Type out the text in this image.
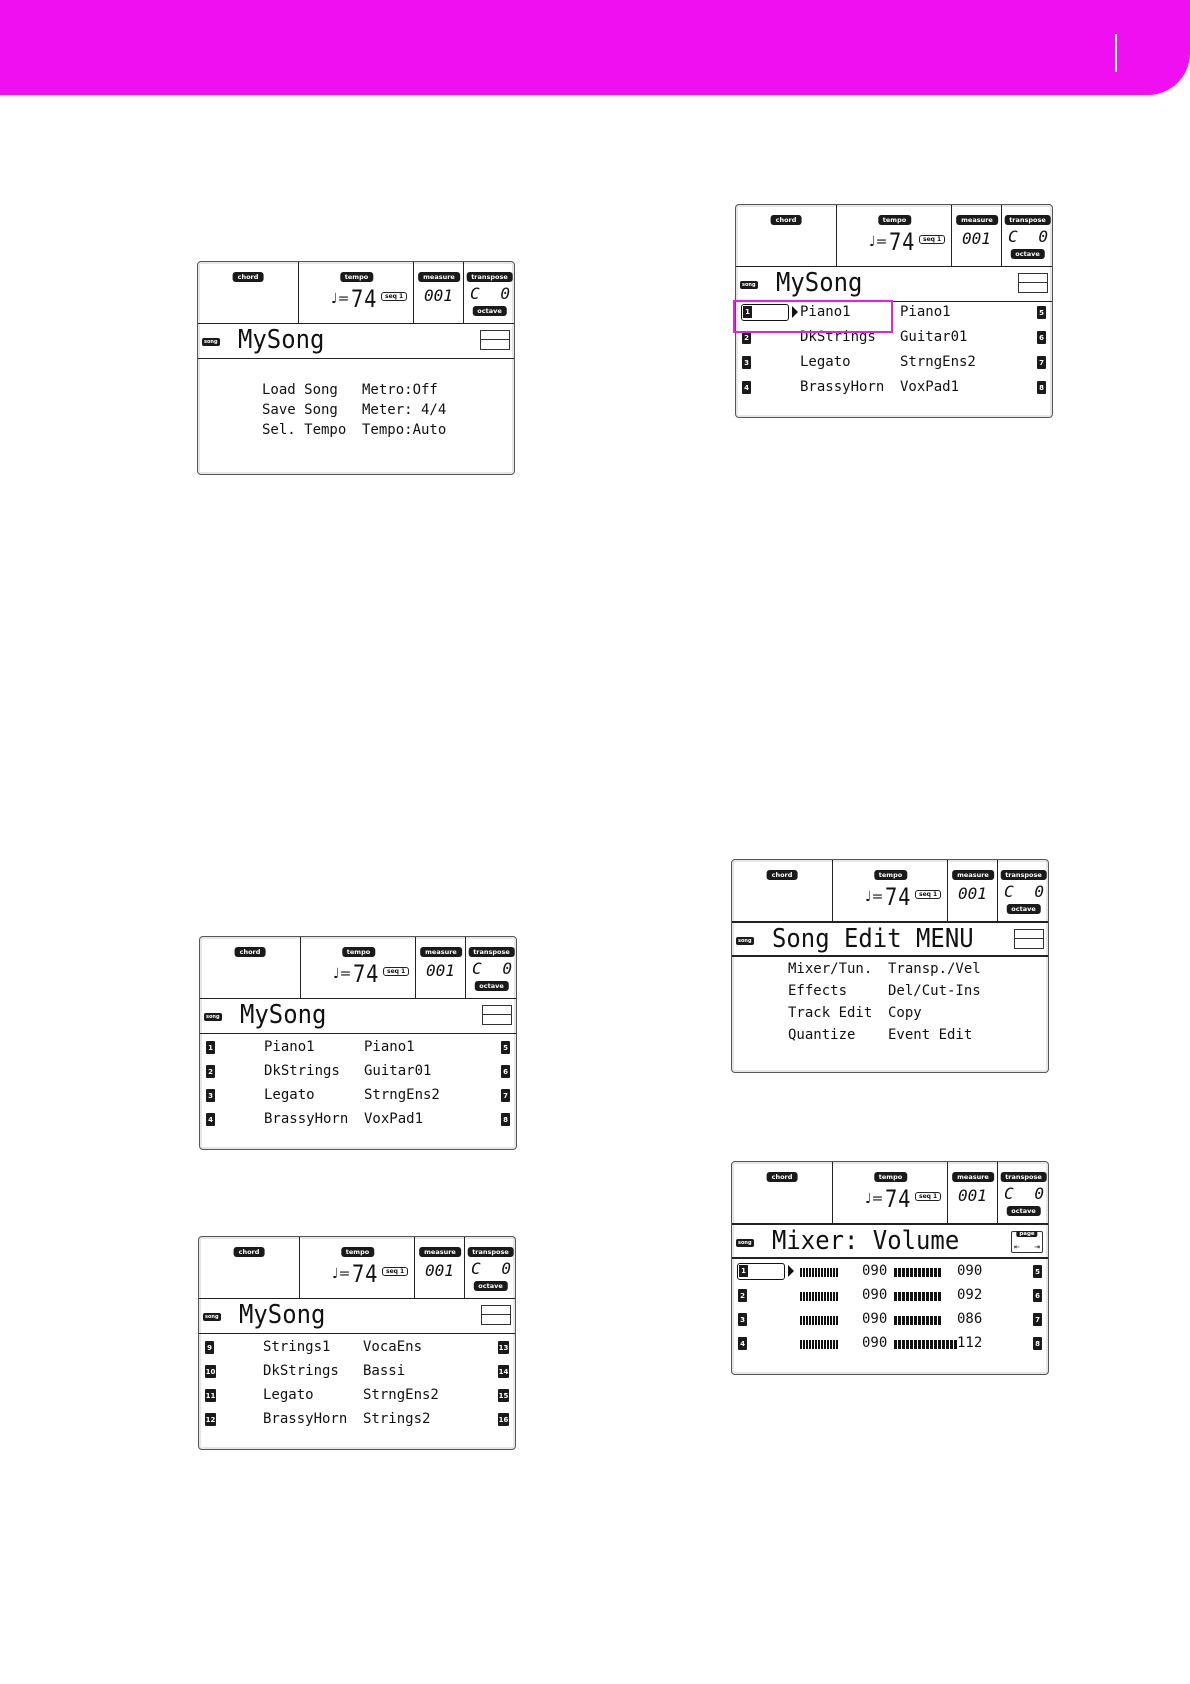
chord	tempo
♩= 74	seq 1
measure
001
transpose
C 0
octave
song MySong
Load Song	Metro:Off
Save Song	Meter: 4/4
Sel. Tempo	Tempo:Auto
chord	tempo
♩= 74	seq 1
measure
001
transpose
C 0
octave
song MySong
1	Piano1	Piano1	5
2	DkStrings Guitar01	6
3	Legato	StrngEns2	7
4	BrassyHorn VoxPad1	8
chord	tempo
♩= 74	seq 1
measure
001
transpose
C 0
octave
song MySong
1	Piano1	Piano1	5
2	DkStrings Guitar01	6
3	Legato	StrngEns2	7
4	BrassyHorn VoxPad1	8
chord	tempo
♩= 74	seq 1
measure
001
transpose
C 0
octave
song MySong
9	Strings1 VocaEns	13
10	DkStrings Bassi	14
11	Legato	StrngEns2	15
12	BrassyHorn Strings2	16
chord	tempo
♩= 74	seq 1
measure
001
transpose
C 0
octave
song Song Edit MENU
Mixer/Tun.	Transp./Vel
Effects	Del/Cut-Ins
Track Edit	Copy
Quantize	Event Edit
chord	tempo
♩= 74	seq 1
measure
001
transpose
C 0
octave
song Mixer: Volume	page
⇤ ⇥
1	090	090	5
2	090	092	6
3	090	086	7
4	090	112	8
